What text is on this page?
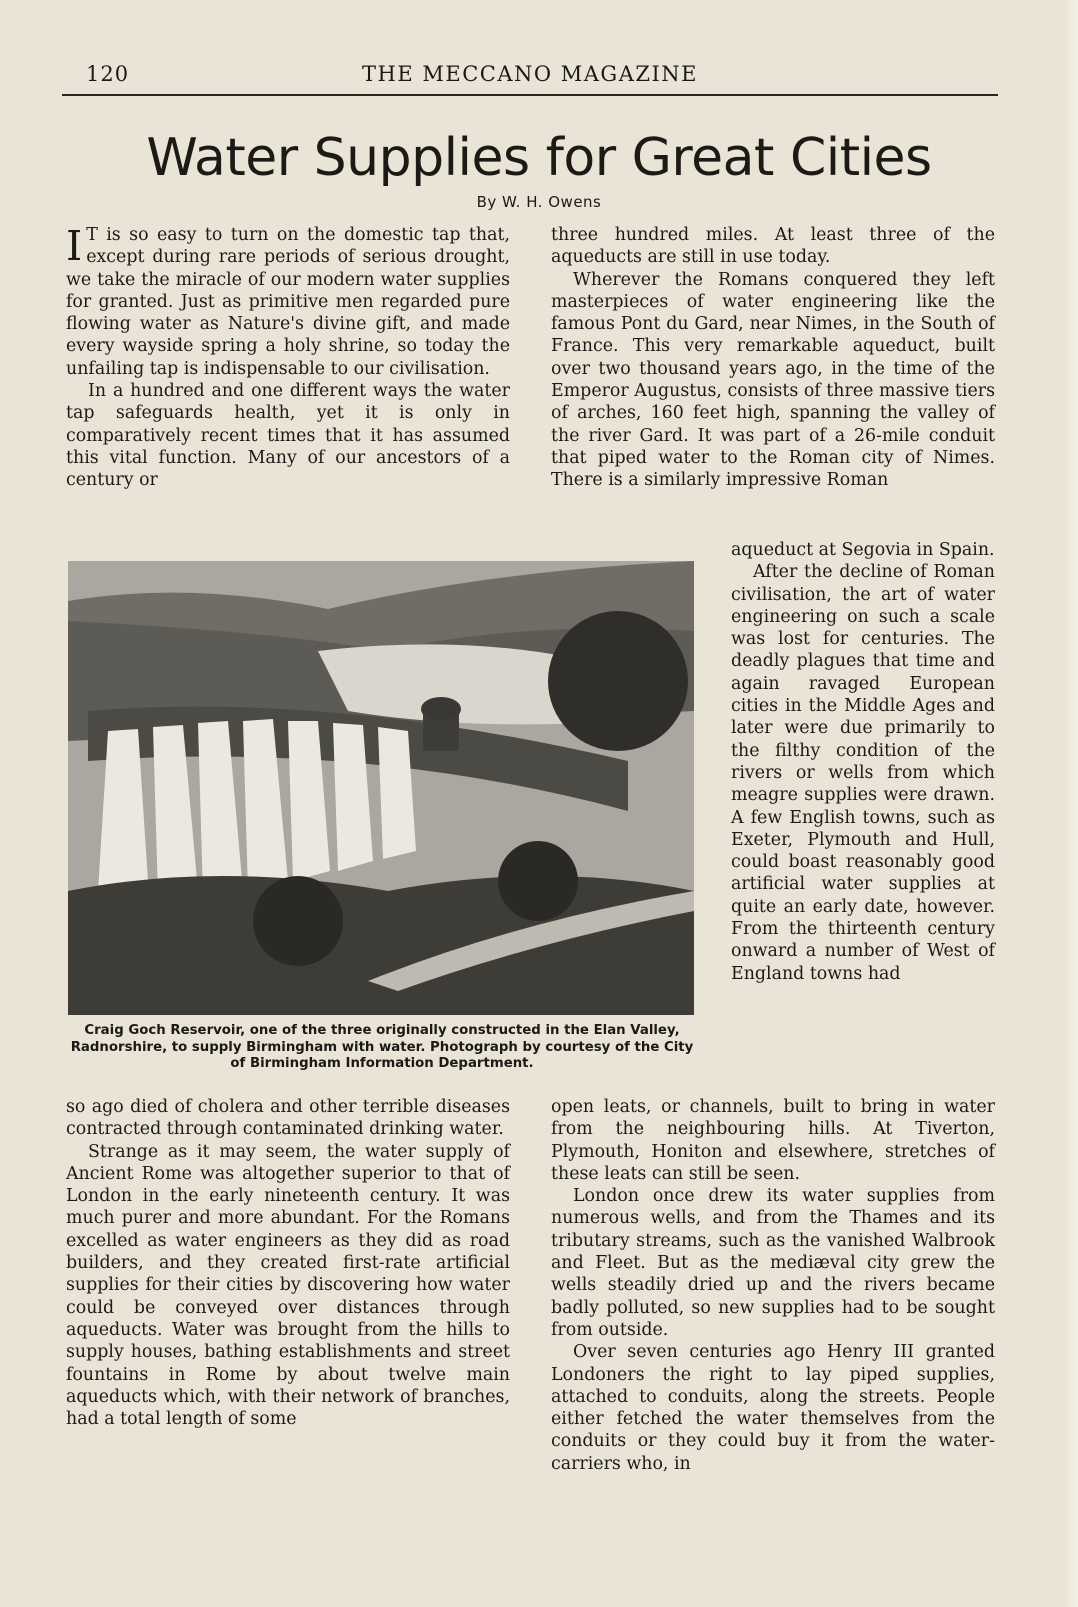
120	THE MECCANO MAGAZINE
Water Supplies for Great Cities
By W. H. Owens

I T is so easy to turn on the domestic tap that, except during rare periods of serious drought, we take the miracle of our modern water supplies for granted. Just as primitive men regarded pure flowing water as Nature's divine gift, and made every wayside spring a holy shrine, so today the unfailing tap is indispensable to our civilisation.

In a hundred and one different ways the water tap safeguards health, yet it is only in comparatively recent times that it has assumed this vital function. Many of our ancestors of a century or

three hundred miles. At least three of the aqueducts are still in use today.

Wherever the Romans conquered they left masterpieces of water engineering like the famous Pont du Gard, near Nimes, in the South of France. This very remarkable aqueduct, built over two thousand years ago, in the time of the Emperor Augustus, consists of three massive tiers of arches, 160 feet high, spanning the valley of the river Gard. It was part of a 26-mile conduit that piped water to the Roman city of Nimes. There is a similarly impressive Roman

Craig Goch Reservoir, one of the three originally constructed in the Elan Valley, Radnorshire, to supply Birmingham with water. Photograph by courtesy of the City of Birmingham Information Department.

aqueduct at Segovia in Spain.

After the decline of Roman civilisation, the art of water engineering on such a scale was lost for centuries. The deadly plagues that time and again ravaged European cities in the Middle Ages and later were due primarily to the filthy condition of the rivers or wells from which meagre supplies were drawn. A few English towns, such as Exeter, Plymouth and Hull, could boast reasonably good artificial water supplies at quite an early date, however. From the thirteenth century onward a number of West of England towns had

so ago died of cholera and other terrible diseases contracted through contaminated drinking water.

Strange as it may seem, the water supply of Ancient Rome was altogether superior to that of London in the early nineteenth century. It was much purer and more abundant. For the Romans excelled as water engineers as they did as road builders, and they created first-rate artificial supplies for their cities by discovering how water could be conveyed over distances through aqueducts. Water was brought from the hills to supply houses, bathing establishments and street fountains in Rome by about twelve main aqueducts which, with their network of branches, had a total length of some

open leats, or channels, built to bring in water from the neighbouring hills. At Tiverton, Plymouth, Honiton and elsewhere, stretches of these leats can still be seen.

London once drew its water supplies from numerous wells, and from the Thames and its tributary streams, such as the vanished Walbrook and Fleet. But as the mediæval city grew the wells steadily dried up and the rivers became badly polluted, so new supplies had to be sought from outside.

Over seven centuries ago Henry III granted Londoners the right to lay piped supplies, attached to conduits, along the streets. People either fetched the water themselves from the conduits or they could buy it from the water-carriers who, in
